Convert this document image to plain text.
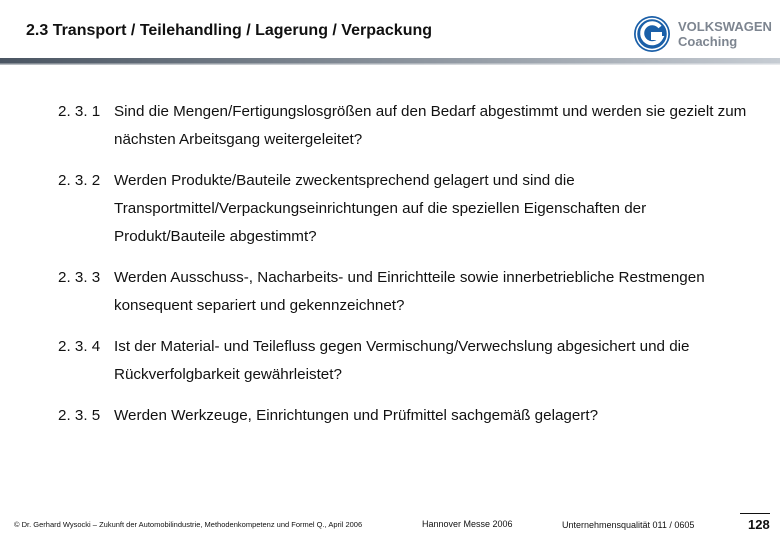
2.3 Transport / Teilehandling / Lagerung / Verpackung	VOLKSWAGEN
Coaching
2. 3. 1 Sind die Mengen/Fertigungslosgrößen auf den Bedarf abgestimmt und werden sie gezielt zum nächsten Arbeitsgang weitergeleitet?
2. 3. 2 Werden Produkte/Bauteile zweckentsprechend gelagert und sind die Transportmittel/Verpackungseinrichtungen auf die speziellen Eigenschaften der Produkt/Bauteile abgestimmt?
2. 3. 3 Werden Ausschuss-, Nacharbeits- und Einrichtteile sowie innerbetriebliche Restmengen konsequent separiert und gekennzeichnet?
2. 3. 4 Ist der Material- und Teilefluss gegen Vermischung/Verwechslung abgesichert und die Rückverfolgbarkeit gewährleistet?
2. 3. 5 Werden Werkzeuge, Einrichtungen und Prüfmittel sachgemäß gelagert?
© Dr. Gerhard Wysocki – Zukunft der Automobilindustrie, Methodenkompetenz und Formel Q., April 2006	Hannover Messe 2006	Unternehmensqualität 011 / 0605	128
